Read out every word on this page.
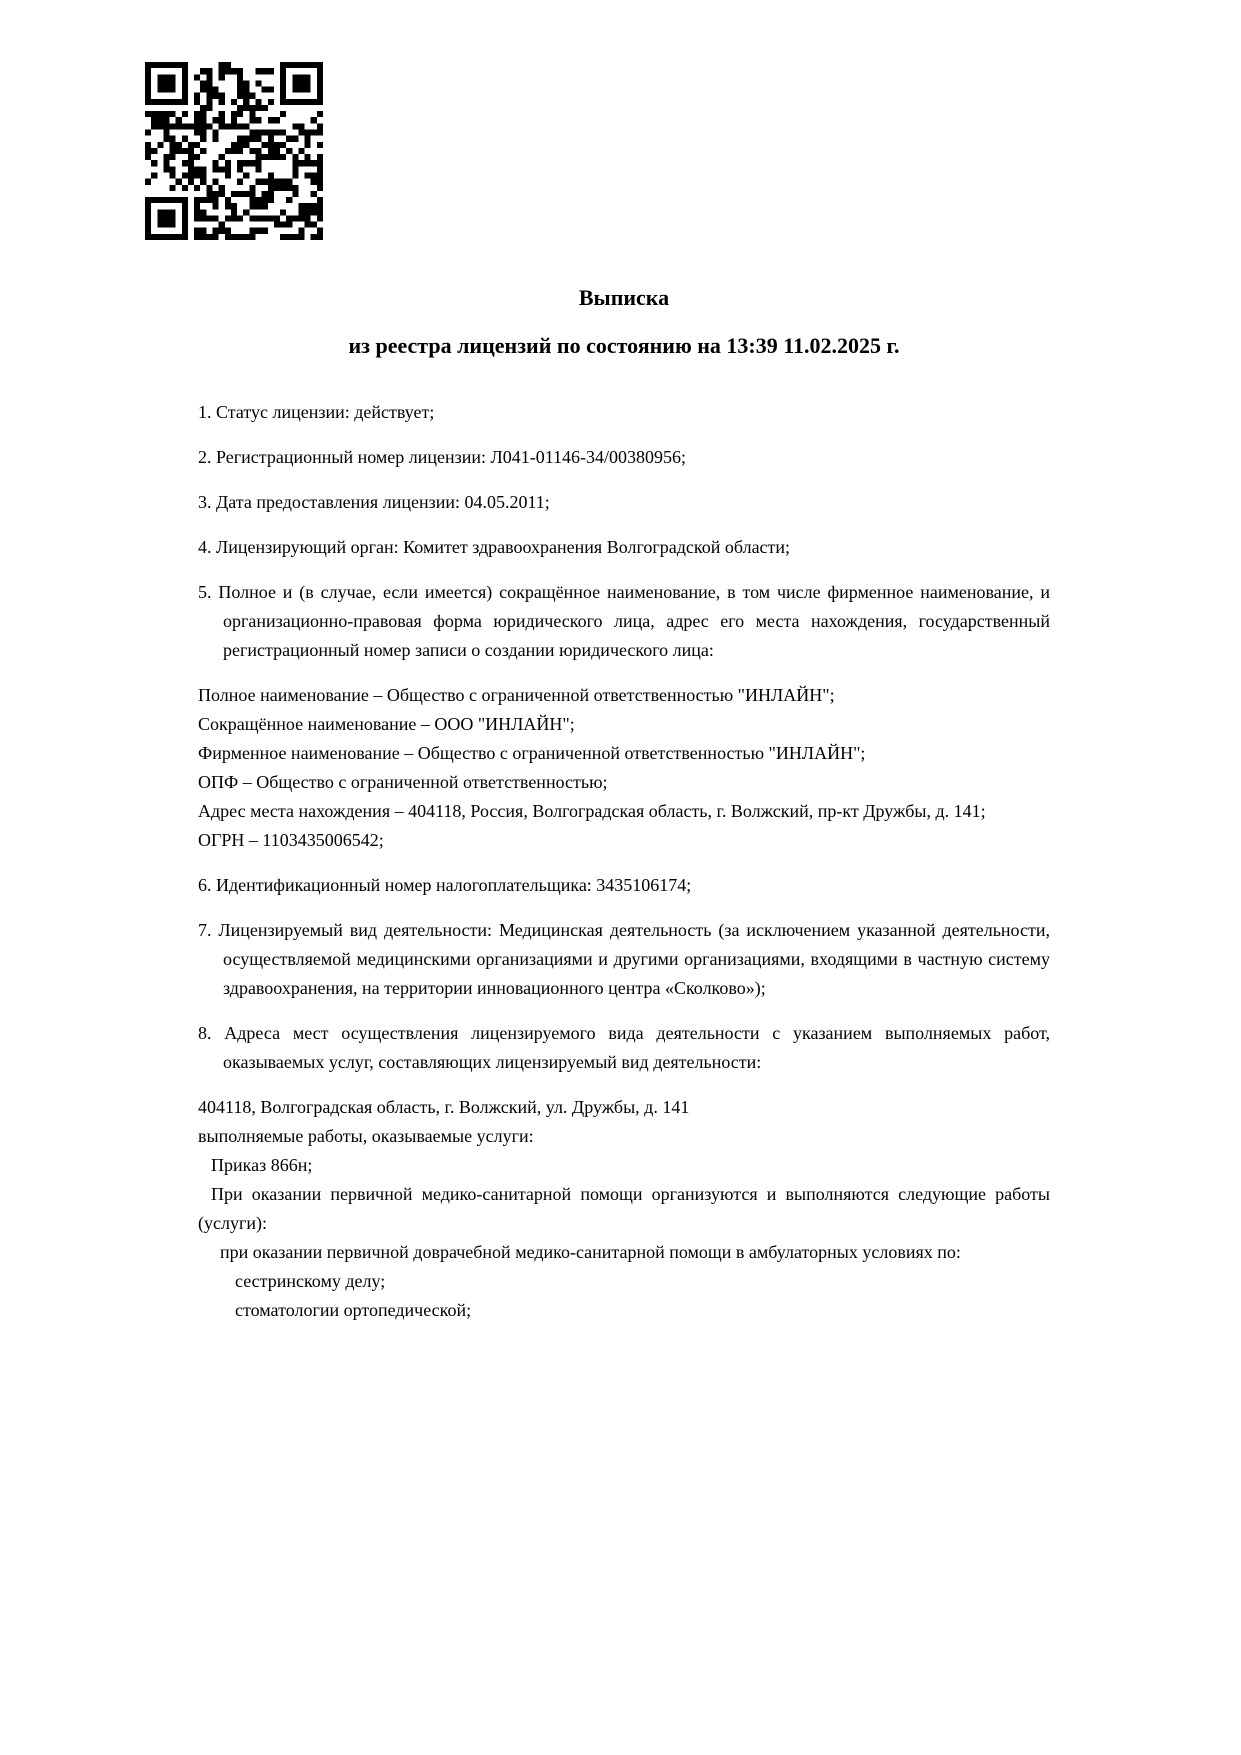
Выписка
из реестра лицензий по состоянию на 13:39 11.02.2025 г.

1. Статус лицензии: действует;

2. Регистрационный номер лицензии: Л041-01146-34/00380956;

3. Дата предоставления лицензии: 04.05.2011;

4. Лицензирующий орган: Комитет здравоохранения Волгоградской области;

5. Полное и (в случае, если имеется) сокращённое наименование, в том числе фирменное наименование, и организационно-правовая форма юридического лица, адрес его места нахождения, государственный регистрационный номер записи о создании юридического лица:

Полное наименование – Общество с ограниченной ответственностью "ИНЛАЙН";
Сокращённое наименование – ООО "ИНЛАЙН";
Фирменное наименование – Общество с ограниченной ответственностью "ИНЛАЙН";
ОПФ – Общество с ограниченной ответственностью;
Адрес места нахождения – 404118, Россия, Волгоградская область, г. Волжский, пр-кт Дружбы, д. 141;
ОГРН – 1103435006542;

6. Идентификационный номер налогоплательщика: 3435106174;

7. Лицензируемый вид деятельности: Медицинская деятельность (за исключением указанной деятельности, осуществляемой медицинскими организациями и другими организациями, входящими в частную систему здравоохранения, на территории инновационного центра «Сколково»);

8. Адреса мест осуществления лицензируемого вида деятельности с указанием выполняемых работ, оказываемых услуг, составляющих лицензируемый вид деятельности:

404118, Волгоградская область, г. Волжский, ул. Дружбы, д. 141
выполняемые работы, оказываемые услуги:
Приказ 866н;
При оказании первичной медико-санитарной помощи организуются и выполняются следующие работы (услуги):
при оказании первичной доврачебной медико-санитарной помощи в амбулаторных условиях по:
сестринскому делу;
стоматологии ортопедической;
